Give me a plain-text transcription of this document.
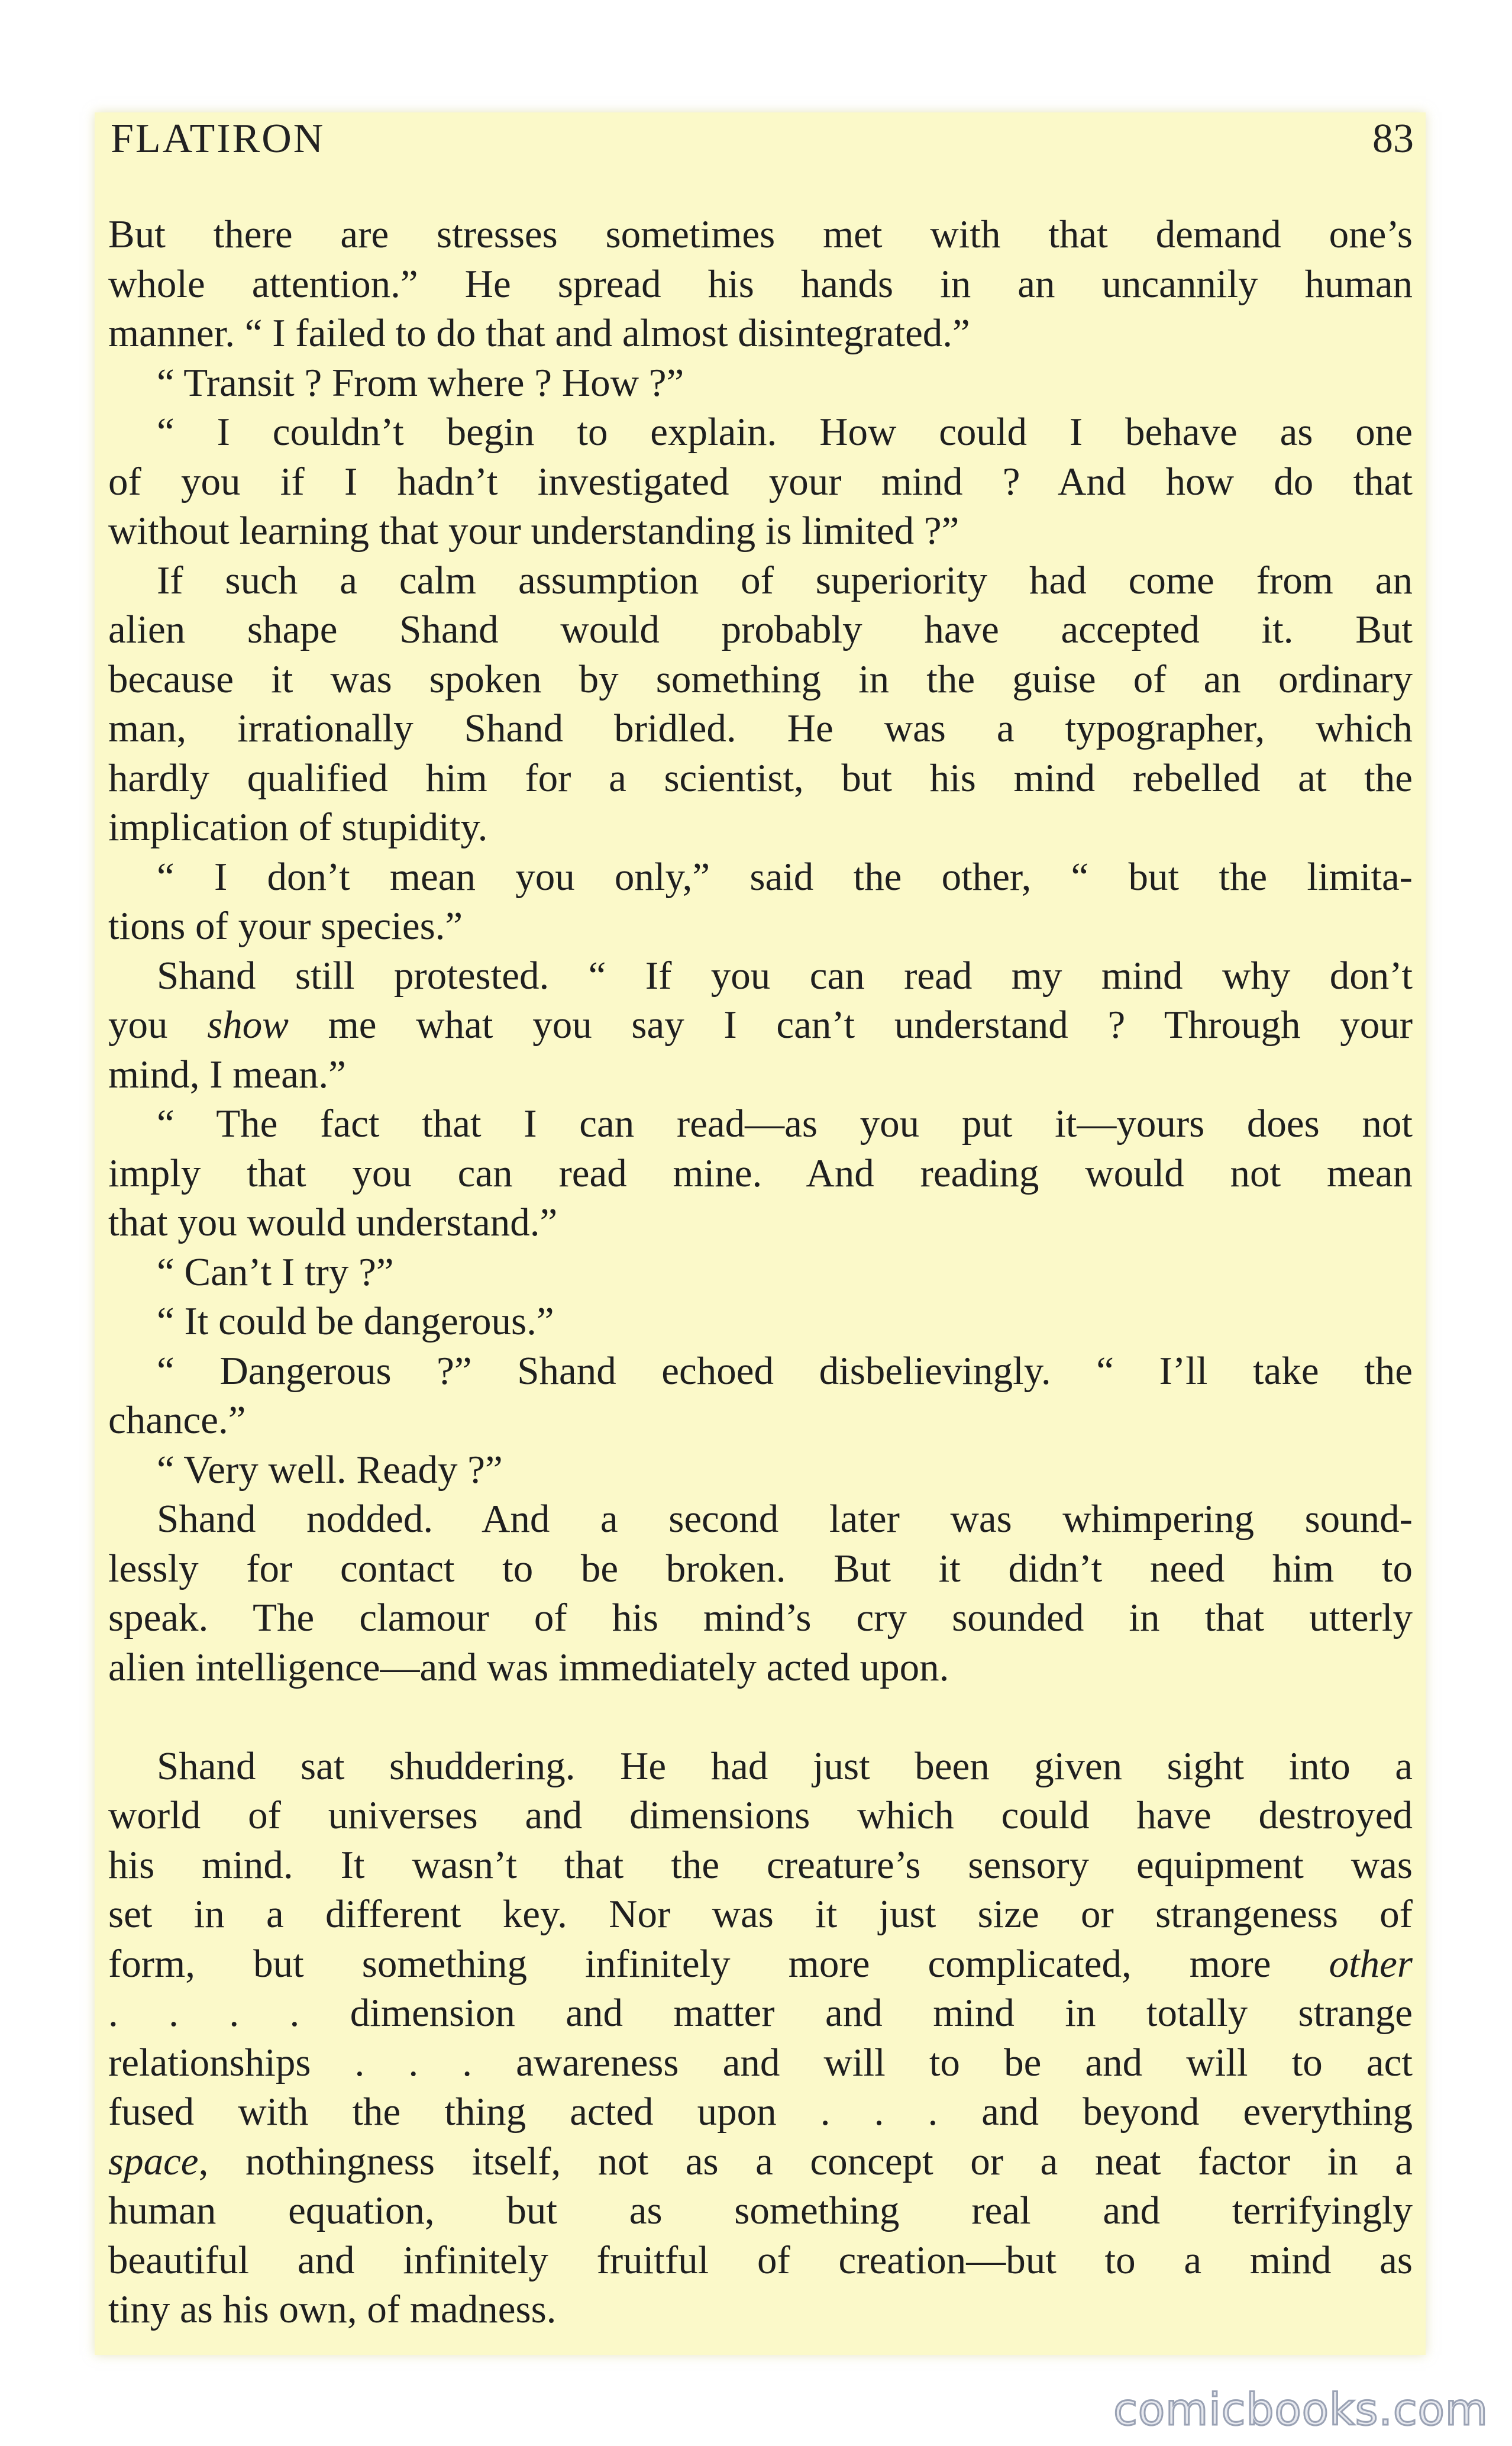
FLATIRON	83
But there are stresses sometimes met with that demand one’s
whole attention.” He spread his hands in an uncannily human
manner. “ I failed to do that and almost disintegrated.”
“ Transit ? From where ? How ?”
“ I couldn’t begin to explain. How could I behave as one
of you if I hadn’t investigated your mind ? And how do that
without learning that your understanding is limited ?”
If such a calm assumption of superiority had come from an
alien shape Shand would probably have accepted it. But
because it was spoken by something in the guise of an ordinary
man, irrationally Shand bridled. He was a typographer, which
hardly qualified him for a scientist, but his mind rebelled at the
implication of stupidity.
“ I don’t mean you only,” said the other, “ but the limita-
tions of your species.”
Shand still protested. “ If you can read my mind why don’t
you show me what you say I can’t understand ? Through your
mind, I mean.”
“ The fact that I can read—as you put it—yours does not
imply that you can read mine. And reading would not mean
that you would understand.”
“ Can’t I try ?”
“ It could be dangerous.”
“ Dangerous ?” Shand echoed disbelievingly. “ I’ll take the
chance.”
“ Very well. Ready ?”
Shand nodded. And a second later was whimpering sound-
lessly for contact to be broken. But it didn’t need him to
speak. The clamour of his mind’s cry sounded in that utterly
alien intelligence—and was immediately acted upon.
Shand sat shuddering. He had just been given sight into a
world of universes and dimensions which could have destroyed
his mind. It wasn’t that the creature’s sensory equipment was
set in a different key. Nor was it just size or strangeness of
form, but something infinitely more complicated, more other
. . . . dimension and matter and mind in totally strange
relationships . . . awareness and will to be and will to act
fused with the thing acted upon . . . and beyond everything
space, nothingness itself, not as a concept or a neat factor in a
human equation, but as something real and terrifyingly
beautiful and infinitely fruitful of creation—but to a mind as
tiny as his own, of madness.
comicbooks.com
